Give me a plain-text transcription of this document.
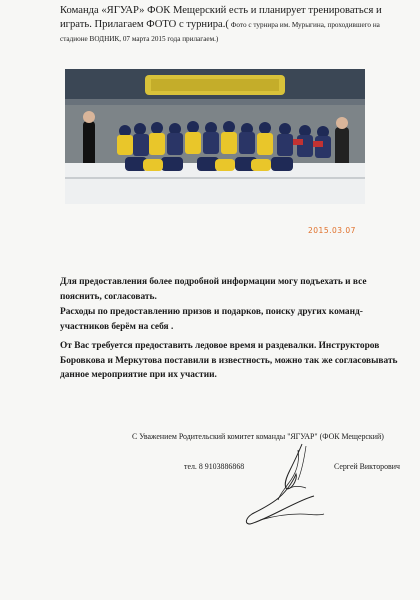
Команда «ЯГУАР» ФОК Мещерский есть и планирует тренироваться и
играть. Прилагаем ФОТО с турнира.( Фото с турнира им. Мурыгина, проходившего на
стадионе ВОДНИК, 07 марта 2015 года прилагаем.)
2015.03.07
Для предоставления более подробной информации могу подъехать и все пояснить, согласовать.
Расходы по предоставлению призов и подарков, поиску других команд-участников берём на себя .
От Вас требуется предоставить ледовое время и раздевалки. Инструкторов Боровкова и Меркутова поставили в известность, можно так же согласовывать данное мероприятие при их участии.
С Уважением Родительский комитет команды "ЯГУАР" (ФОК Мещерский)
тел. 8 9103886868	Сергей Викторович
